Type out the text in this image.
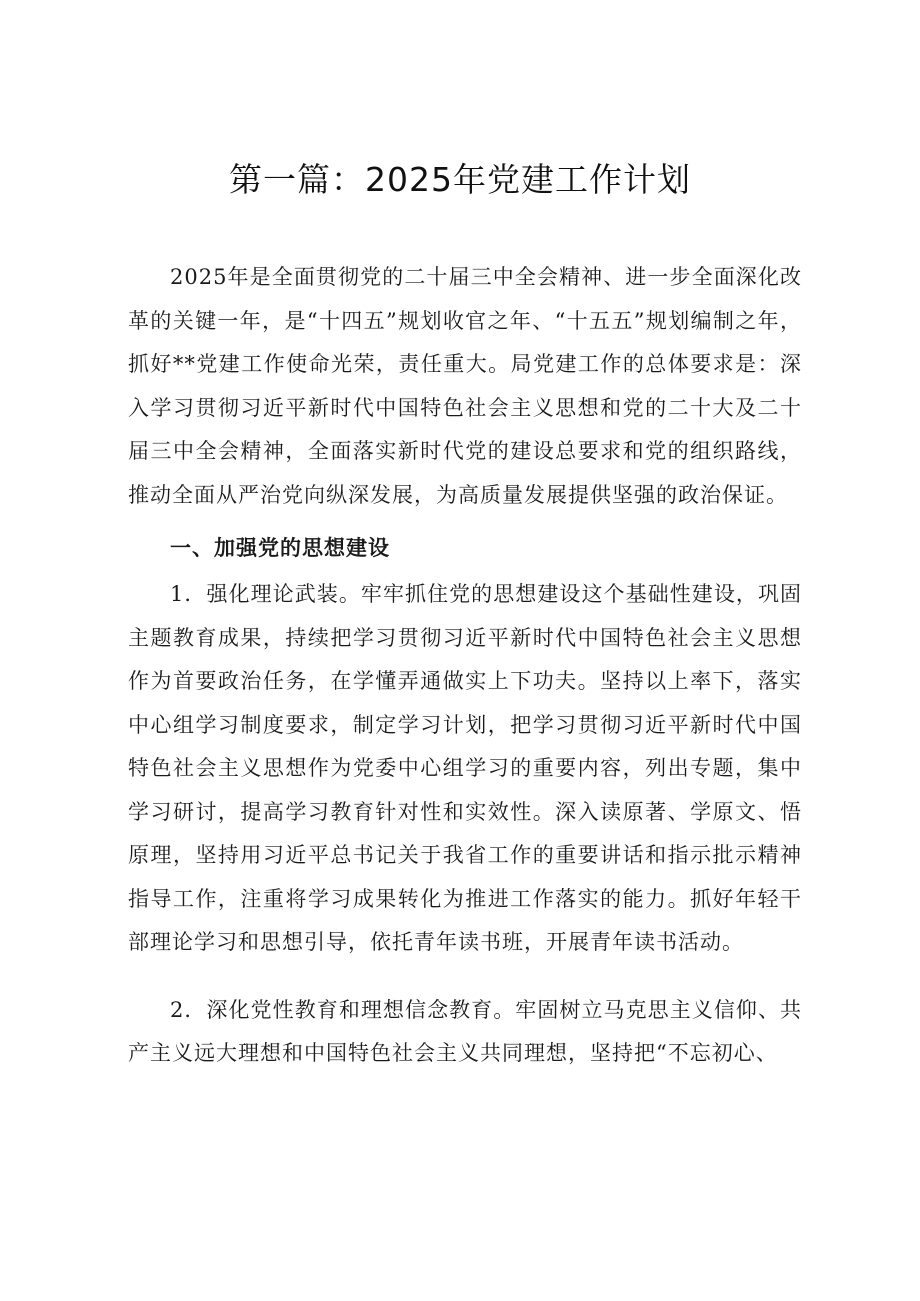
第一篇：2025年党建工作计划

2025年是全面贯彻党的二十届三中全会精神、进一步全面深化改革的关键一年，是“十四五”规划收官之年、“十五五”规划编制之年，抓好**党建工作使命光荣，责任重大。局党建工作的总体要求是：深入学习贯彻习近平新时代中国特色社会主义思想和党的二十大及二十届三中全会精神，全面落实新时代党的建设总要求和党的组织路线，推动全面从严治党向纵深发展，为高质量发展提供坚强的政治保证。

一、加强党的思想建设

1．强化理论武装。牢牢抓住党的思想建设这个基础性建设，巩固主题教育成果，持续把学习贯彻习近平新时代中国特色社会主义思想作为首要政治任务，在学懂弄通做实上下功夫。坚持以上率下，落实中心组学习制度要求，制定学习计划，把学习贯彻习近平新时代中国特色社会主义思想作为党委中心组学习的重要内容，列出专题，集中学习研讨，提高学习教育针对性和实效性。深入读原著、学原文、悟原理，坚持用习近平总书记关于我省工作的重要讲话和指示批示精神指导工作，注重将学习成果转化为推进工作落实的能力。抓好年轻干部理论学习和思想引导，依托青年读书班，开展青年读书活动。

2．深化党性教育和理想信念教育。牢固树立马克思主义信仰、共产主义远大理想和中国特色社会主义共同理想，坚持把“不忘初心、
